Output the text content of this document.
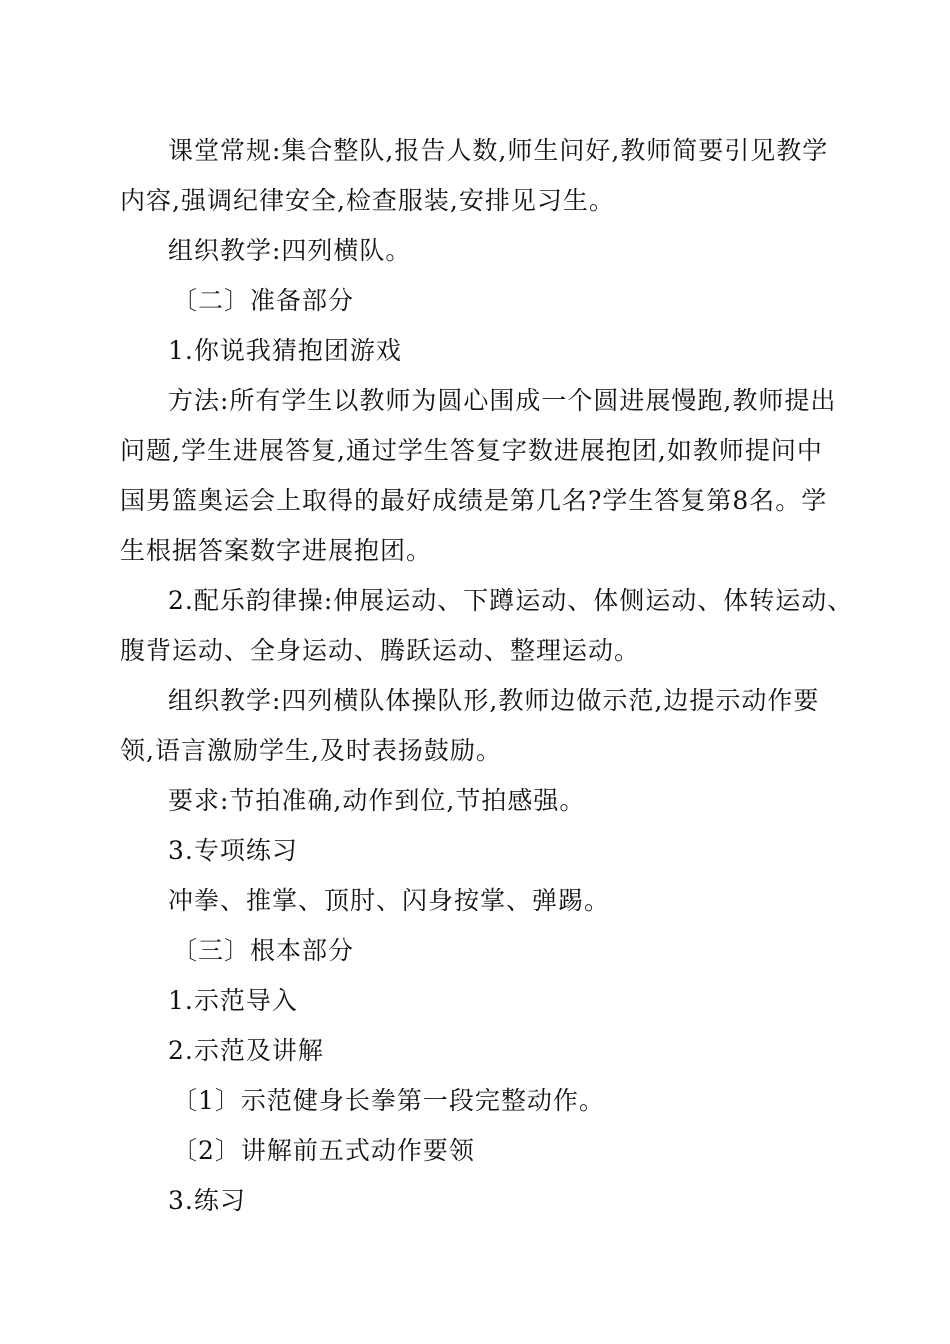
课堂常规:集合整队,报告人数,师生问好,教师简要引见教学
内容,强调纪律安全,检查服装,安排见习生。
组织教学:四列横队。
〔二〕准备部分
1.你说我猜抱团游戏
方法:所有学生以教师为圆心围成一个圆进展慢跑,教师提出
问题,学生进展答复,通过学生答复字数进展抱团,如教师提问中
国男篮奥运会上取得的最好成绩是第几名?学生答复第8名。学
生根据答案数字进展抱团。
2.配乐韵律操:伸展运动、下蹲运动、体侧运动、体转运动、
腹背运动、全身运动、腾跃运动、整理运动。
组织教学:四列横队体操队形,教师边做示范,边提示动作要
领,语言激励学生,及时表扬鼓励。
要求:节拍准确,动作到位,节拍感强。
3.专项练习
冲拳、推掌、顶肘、闪身按掌、弹踢。
〔三〕根本部分
1.示范导入
2.示范及讲解
〔1〕示范健身长拳第一段完整动作。
〔2〕讲解前五式动作要领
3.练习
